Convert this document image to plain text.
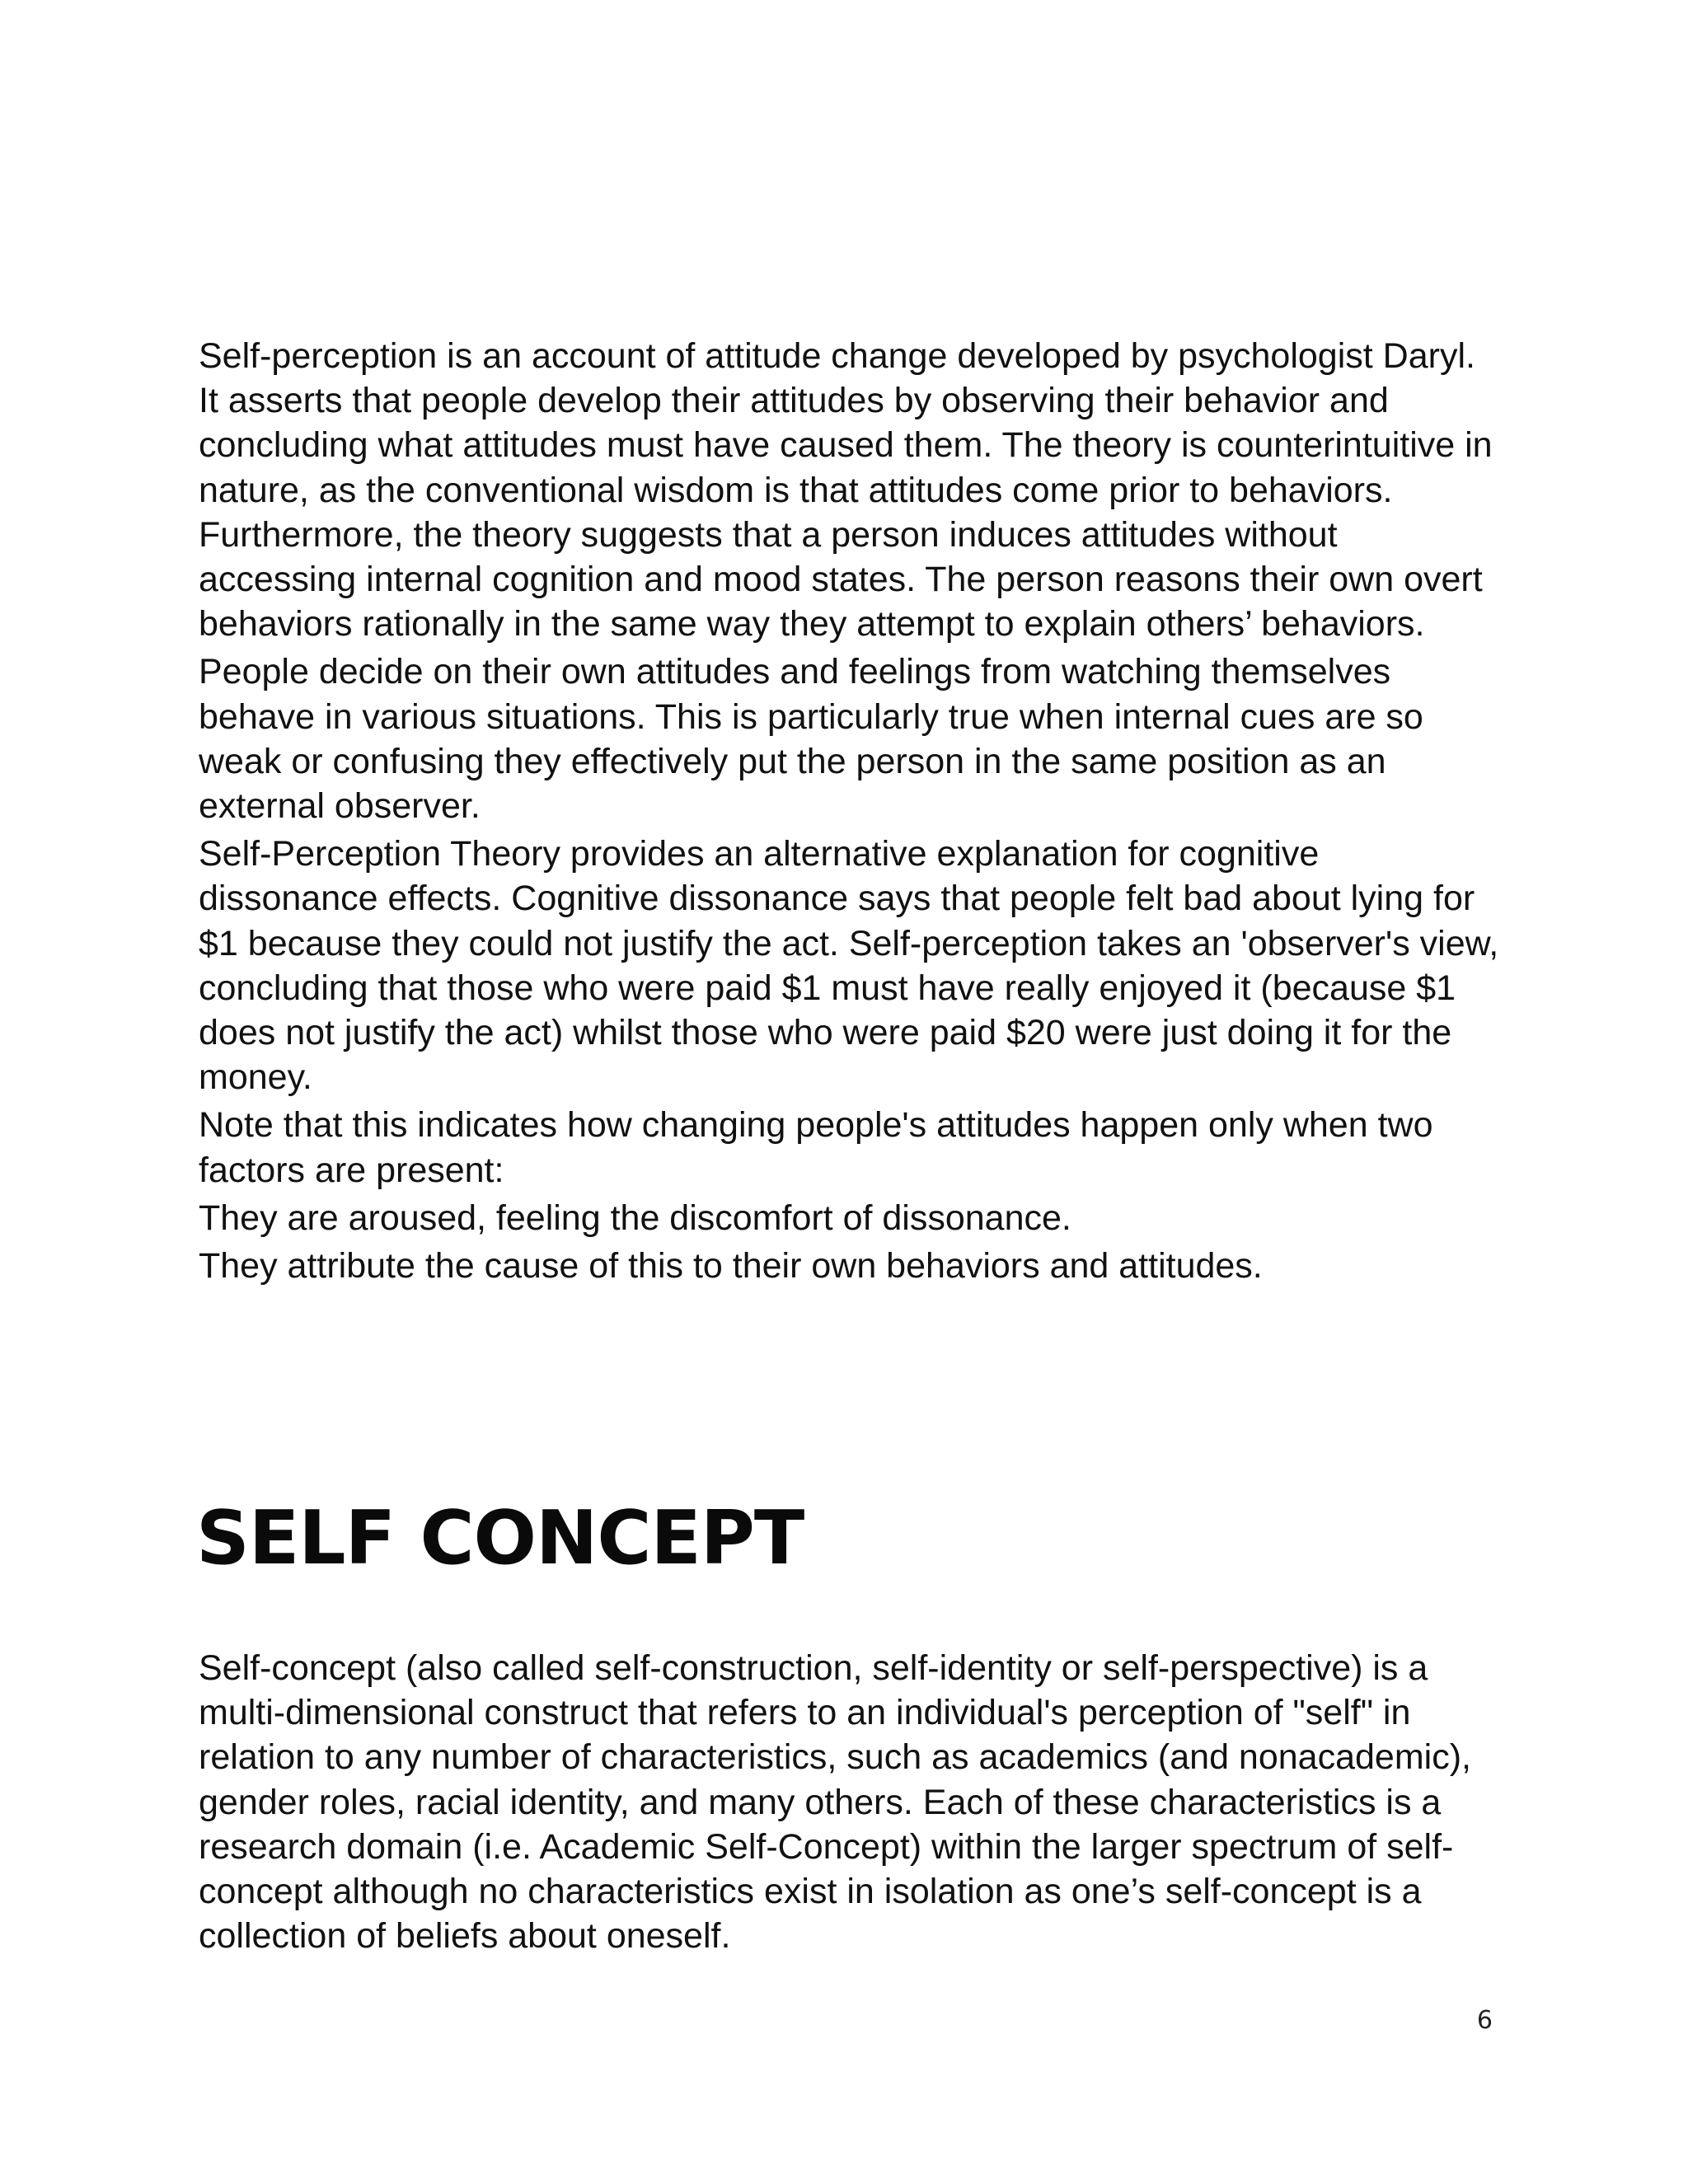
Self-perception is an account of attitude change developed by psychologist Daryl. It asserts that people develop their attitudes by observing their behavior and concluding what attitudes must have caused them. The theory is counterintuitive in nature, as the conventional wisdom is that attitudes come prior to behaviors. Furthermore, the theory suggests that a person induces attitudes without accessing internal cognition and mood states. The person reasons their own overt behaviors rationally in the same way they attempt to explain others’ behaviors.

People decide on their own attitudes and feelings from watching themselves behave in various situations. This is particularly true when internal cues are so weak or confusing they effectively put the person in the same position as an external observer.

Self-Perception Theory provides an alternative explanation for cognitive dissonance effects. Cognitive dissonance says that people felt bad about lying for $1 because they could not justify the act. Self-perception takes an 'observer's view, concluding that those who were paid $1 must have really enjoyed it (because $1 does not justify the act) whilst those who were paid $20 were just doing it for the money.

Note that this indicates how changing people's attitudes happen only when two factors are present:

They are aroused, feeling the discomfort of dissonance.

They attribute the cause of this to their own behaviors and attitudes.

SELF CONCEPT

Self-concept (also called self-construction, self-identity or self-perspective) is a multi-dimensional construct that refers to an individual's perception of "self" in relation to any number of characteristics, such as academics (and nonacademic), gender roles, racial identity, and many others. Each of these characteristics is a research domain (i.e. Academic Self-Concept) within the larger spectrum of self-concept although no characteristics exist in isolation as one’s self-concept is a collection of beliefs about oneself.

6
